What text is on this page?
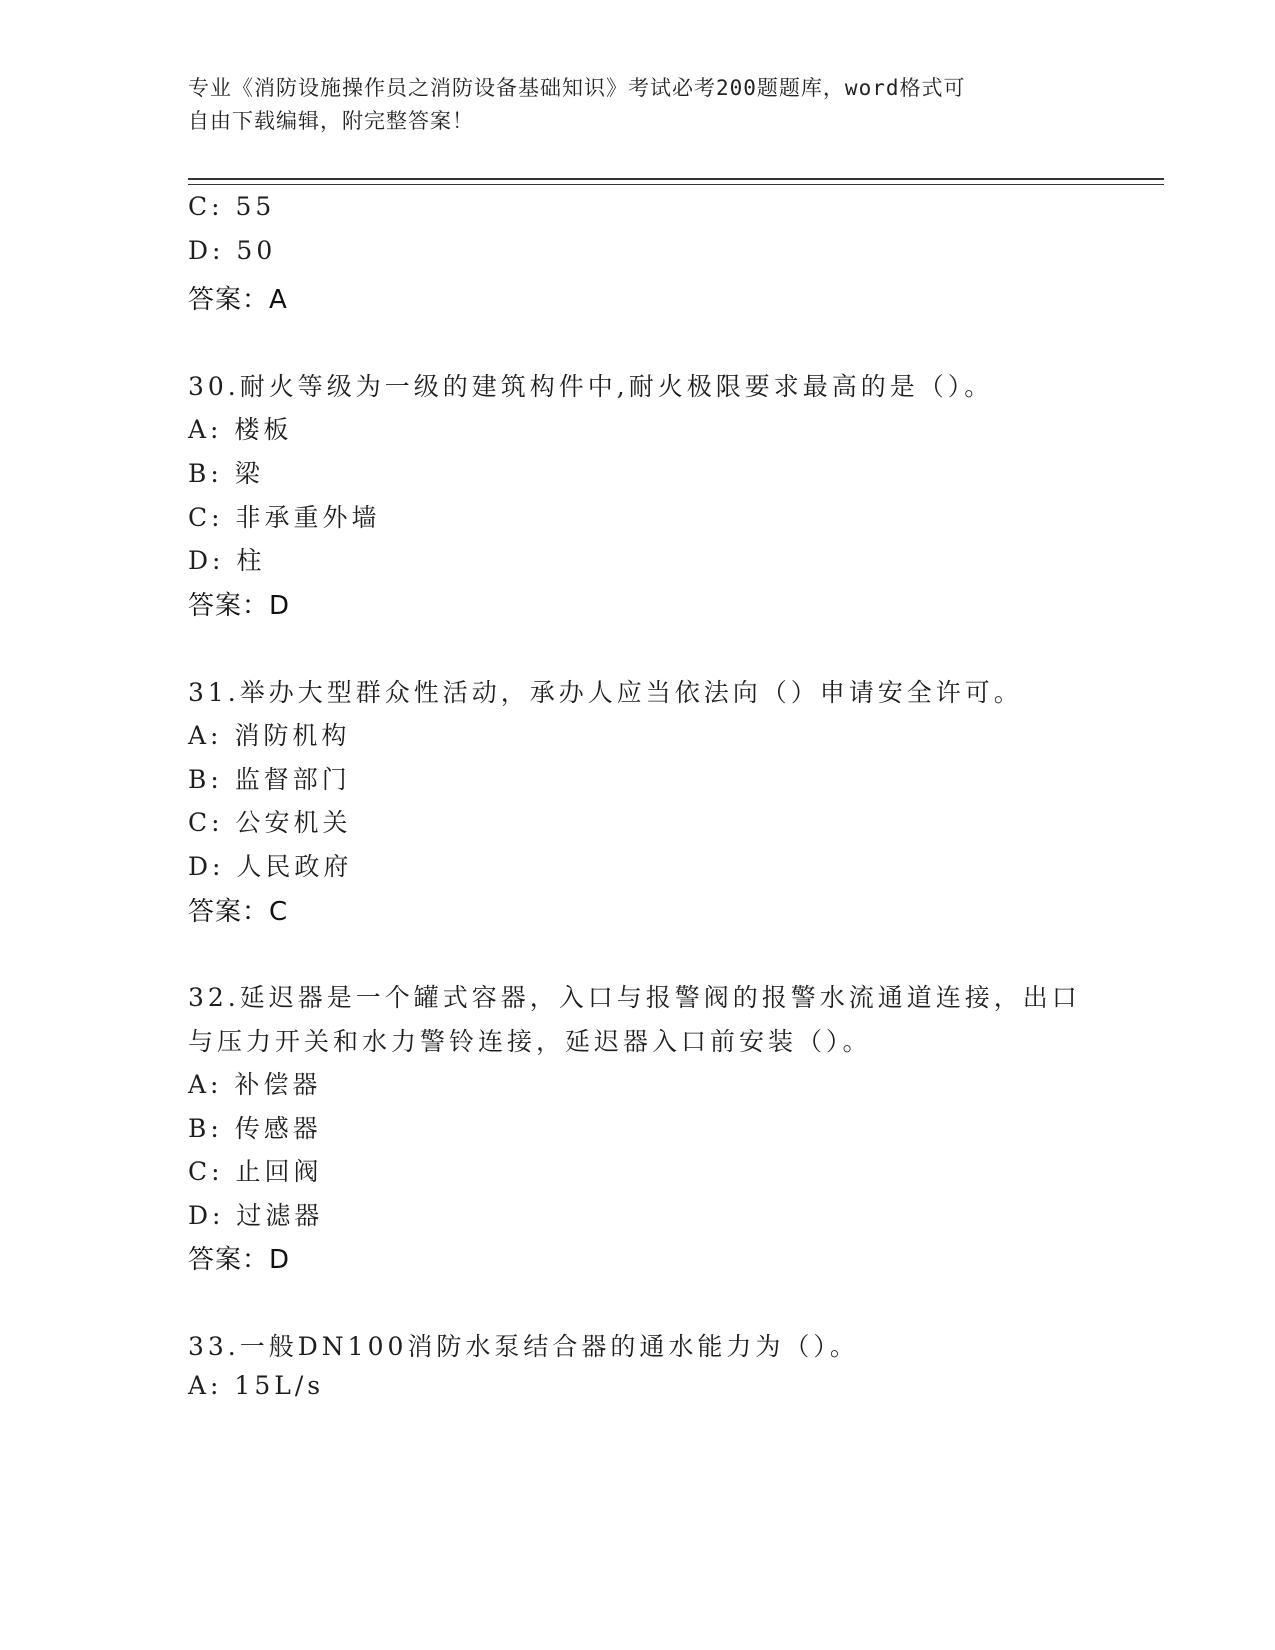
专业《消防设施操作员之消防设备基础知识》考试必考200题题库，word格式可
自由下载编辑，附完整答案！
C: 55
D: 50
答案：A
30.耐火等级为一级的建筑构件中,耐火极限要求最高的是（）。
A: 楼板
B: 梁
C: 非承重外墙
D: 柱
答案：D
31.举办大型群众性活动，承办人应当依法向（）申请安全许可。
A: 消防机构
B: 监督部门
C: 公安机关
D: 人民政府
答案：C
32.延迟器是一个罐式容器，入口与报警阀的报警水流通道连接，出口
与压力开关和水力警铃连接，延迟器入口前安装（）。
A: 补偿器
B: 传感器
C: 止回阀
D: 过滤器
答案：D
33.一般DN100消防水泵结合器的通水能力为（）。
A: 15L/s
